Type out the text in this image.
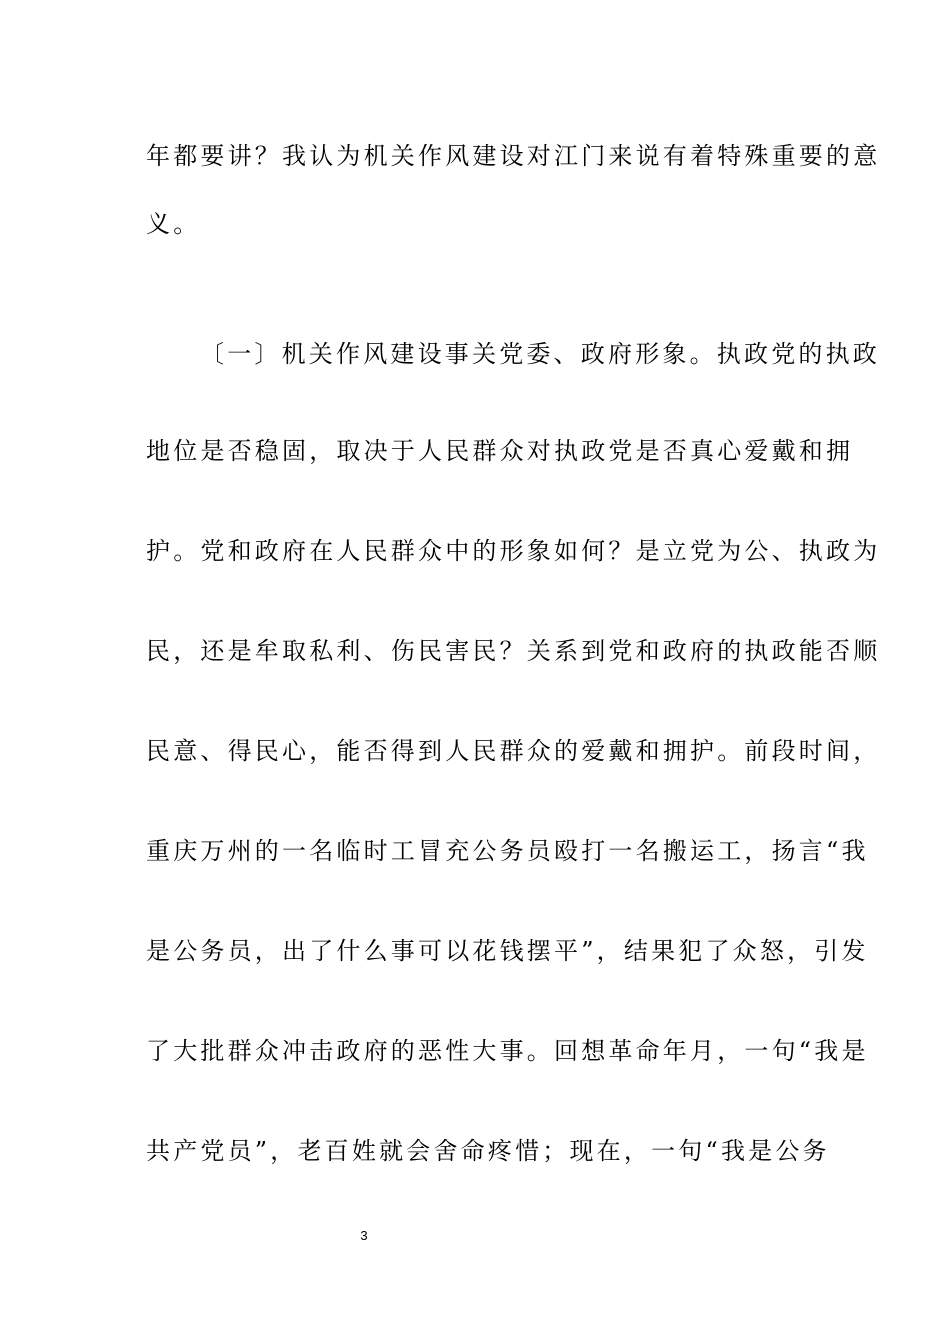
年都要讲？我认为机关作风建设对江门来说有着特殊重要的意
义。
〔一〕机关作风建设事关党委、政府形象。执政党的执政
地位是否稳固，取决于人民群众对执政党是否真心爱戴和拥
护。党和政府在人民群众中的形象如何？是立党为公、执政为
民，还是牟取私利、伤民害民？关系到党和政府的执政能否顺
民意、得民心，能否得到人民群众的爱戴和拥护。前段时间，
重庆万州的一名临时工冒充公务员殴打一名搬运工，扬言“我
是公务员，出了什么事可以花钱摆平”，结果犯了众怒，引发
了大批群众冲击政府的恶性大事。回想革命年月，一句“我是
共产党员”，老百姓就会舍命疼惜；现在，一句“我是公务
3
